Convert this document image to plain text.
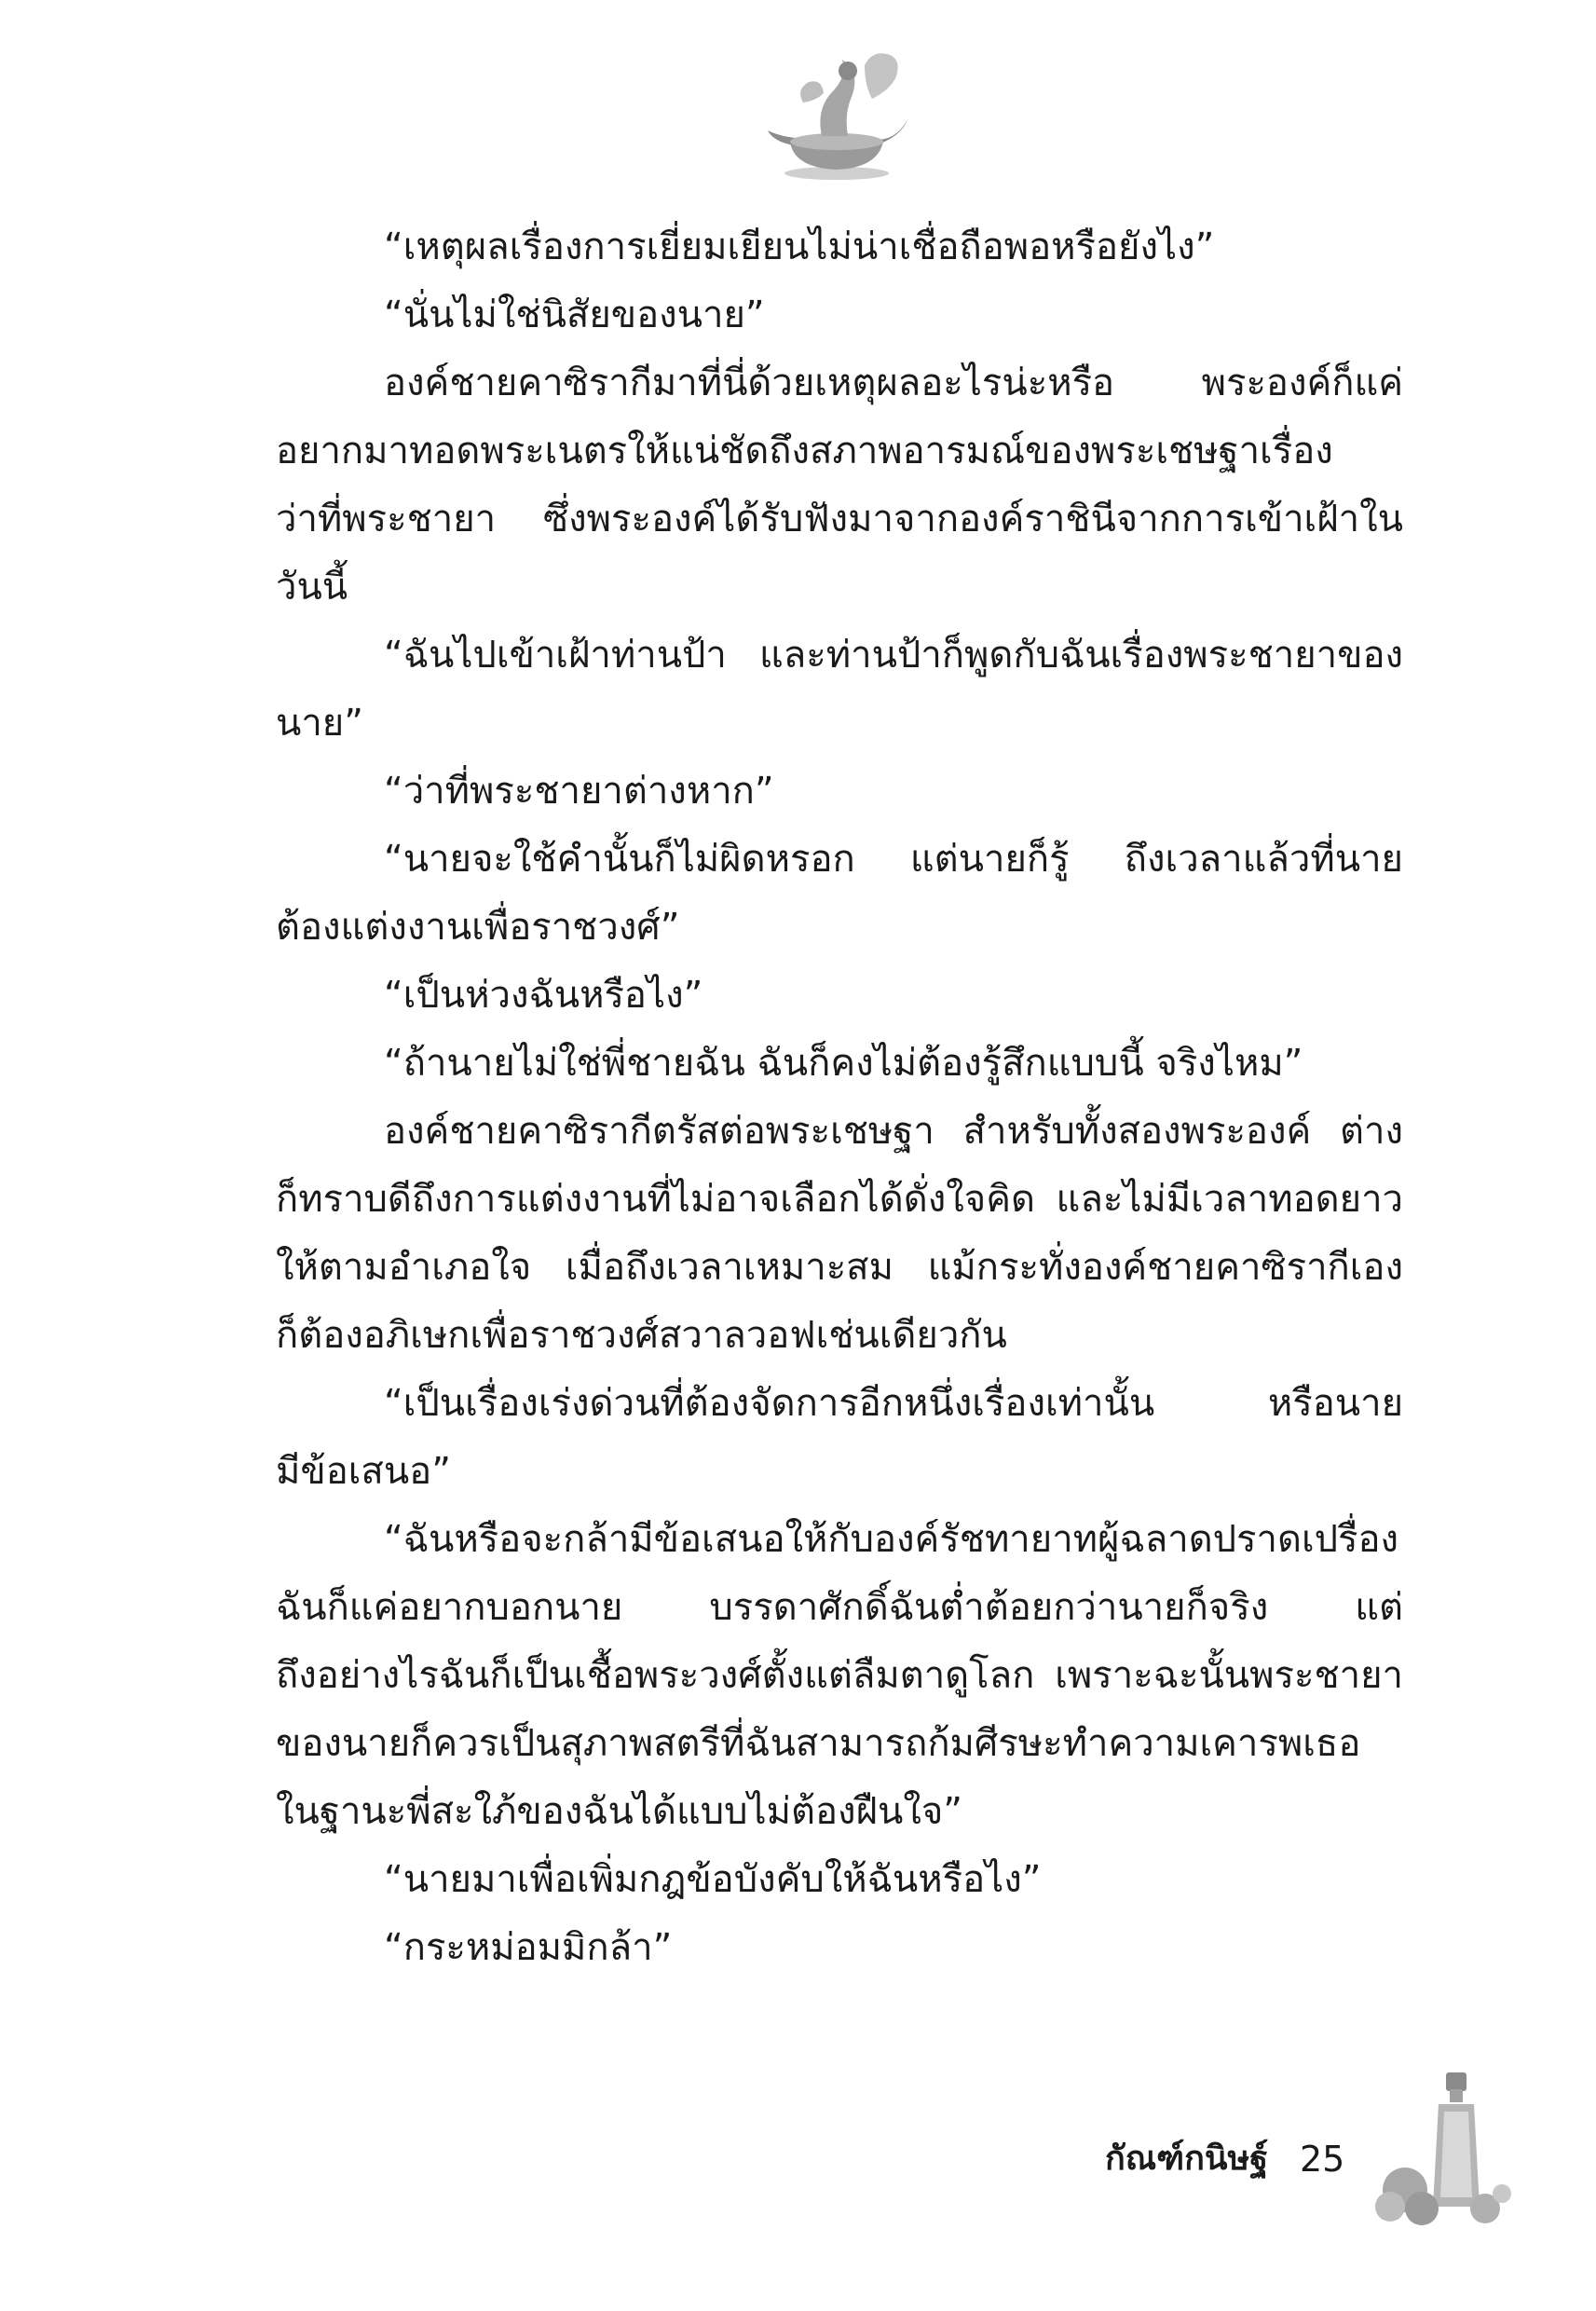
“เหตุผลเรื่องการเยี่ยมเยียนไม่น่าเชื่อถือพอหรือยังไง”
“นั่นไม่ใช่นิสัยของนาย”
องค์ชายคาซิรากีมาที่นี่ด้วยเหตุผลอะไรน่ะหรือ พระองค์ก็แค่
อยากมาทอดพระเนตรให้แน่ชัดถึงสภาพอารมณ์ของพระเชษฐาเรื่อง
ว่าที่พระชายา ซึ่งพระองค์ได้รับฟังมาจากองค์ราชินีจากการเข้าเฝ้าใน
วันนี้
“ฉันไปเข้าเฝ้าท่านป้า และท่านป้าก็พูดกับฉันเรื่องพระชายาของ
นาย”
“ว่าที่พระชายาต่างหาก”
“นายจะใช้คำนั้นก็ไม่ผิดหรอก แต่นายก็รู้ ถึงเวลาแล้วที่นาย
ต้องแต่งงานเพื่อราชวงศ์”
“เป็นห่วงฉันหรือไง”
“ถ้านายไม่ใช่พี่ชายฉัน ฉันก็คงไม่ต้องรู้สึกแบบนี้ จริงไหม”
องค์ชายคาซิรากีตรัสต่อพระเชษฐา สำหรับทั้งสองพระองค์ ต่าง
ก็ทราบดีถึงการแต่งงานที่ไม่อาจเลือกได้ดั่งใจคิด และไม่มีเวลาทอดยาว
ให้ตามอำเภอใจ เมื่อถึงเวลาเหมาะสม แม้กระทั่งองค์ชายคาซิรากีเอง
ก็ต้องอภิเษกเพื่อราชวงศ์สวาลวอฟเช่นเดียวกัน
“เป็นเรื่องเร่งด่วนที่ต้องจัดการอีกหนึ่งเรื่องเท่านั้น หรือนาย
มีข้อเสนอ”
“ฉันหรือจะกล้ามีข้อเสนอให้กับองค์รัชทายาทผู้ฉลาดปราดเปรื่อง
ฉันก็แค่อยากบอกนาย บรรดาศักดิ์ฉันต่ำต้อยกว่านายก็จริง แต่
ถึงอย่างไรฉันก็เป็นเชื้อพระวงศ์ตั้งแต่ลืมตาดูโลก เพราะฉะนั้นพระชายา
ของนายก็ควรเป็นสุภาพสตรีที่ฉันสามารถก้มศีรษะทำความเคารพเธอ
ในฐานะพี่สะใภ้ของฉันได้แบบไม่ต้องฝืนใจ”
“นายมาเพื่อเพิ่มกฎข้อบังคับให้ฉันหรือไง”
“กระหม่อมมิกล้า”
กัณฑ์กนิษฐ์ 25
